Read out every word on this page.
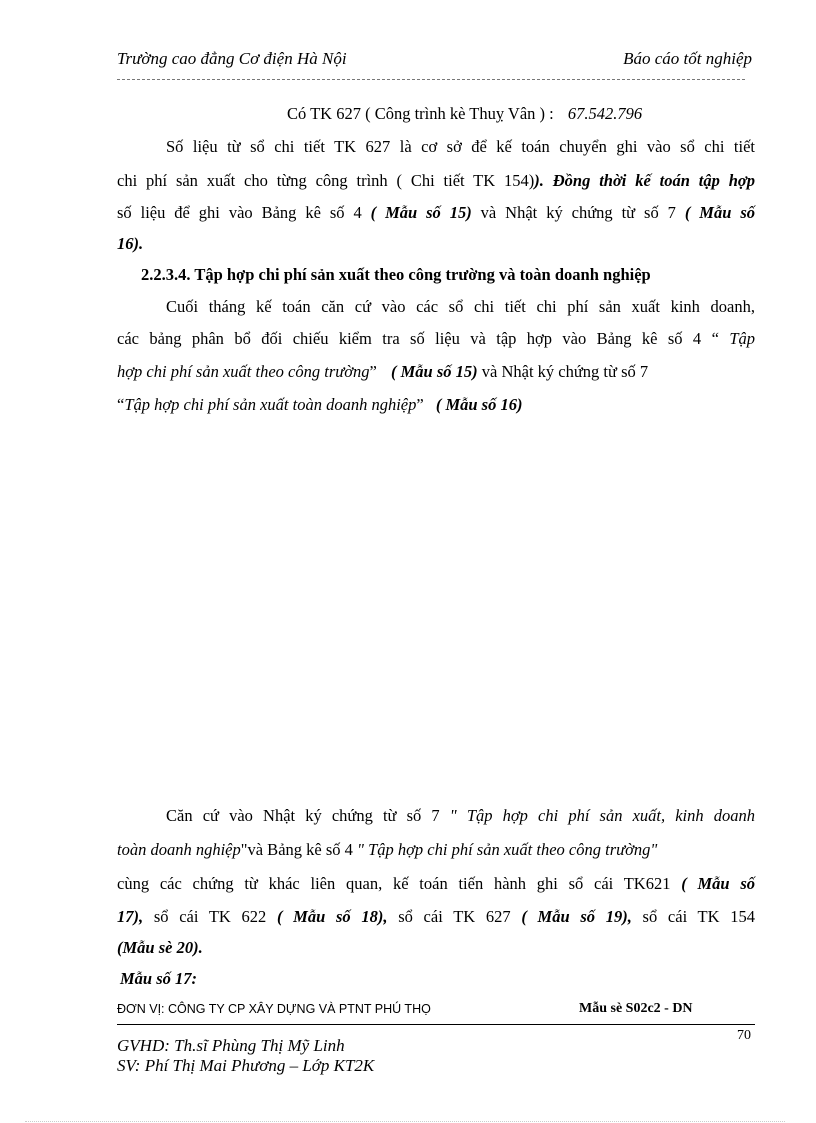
Trường cao đẳng Cơ điện Hà Nội	Báo cáo tốt nghiệp
Có TK 627 ( Công trình kè Thuỵ Vân ) : 67.542.796
Số liệu từ sổ chi tiết TK 627 là cơ sở để kế toán chuyển ghi vào sổ chi tiết
chi phí sản xuất cho từng công trình ( Chi tiết TK 154)). Đồng thời kế toán tập hợp
số liệu để ghi vào Bảng kê số 4 ( Mẫu số 15) và Nhật ký chứng từ số 7 ( Mẫu số
16).
2.2.3.4. Tập hợp chi phí sản xuất theo công trường và toàn doanh nghiệp
Cuối tháng kế toán căn cứ vào các sổ chi tiết chi phí sản xuất kinh doanh,
các bảng phân bổ đối chiếu kiểm tra số liệu và tập hợp vào Bảng kê số 4 “ Tập
hợp chi phí sản xuất theo công trường” ( Mẫu số 15) và Nhật ký chứng từ số 7
“Tập hợp chi phí sản xuất toàn doanh nghiệp” ( Mẫu số 16)
Căn cứ vào Nhật ký chứng từ số 7 " Tập hợp chi phí sản xuất, kinh doanh
toàn doanh nghiệp"và Bảng kê số 4 " Tập hợp chi phí sản xuất theo công trường"
cùng các chứng từ khác liên quan, kế toán tiến hành ghi sổ cái TK621 ( Mẫu số
17), sổ cái TK 622 ( Mẫu số 18), sổ cái TK 627 ( Mẫu số 19), sổ cái TK 154
(Mẫu sè 20).
Mẫu số 17:
ĐƠN VỊ: CÔNG TY CP XÂY DỰNG VÀ PTNT PHÚ THỌ	Mẫu sè S02c2 - DN
70
GVHD: Th.sĩ Phùng Thị Mỹ Linh
SV: Phí Thị Mai Phương – Lớp KT2K
